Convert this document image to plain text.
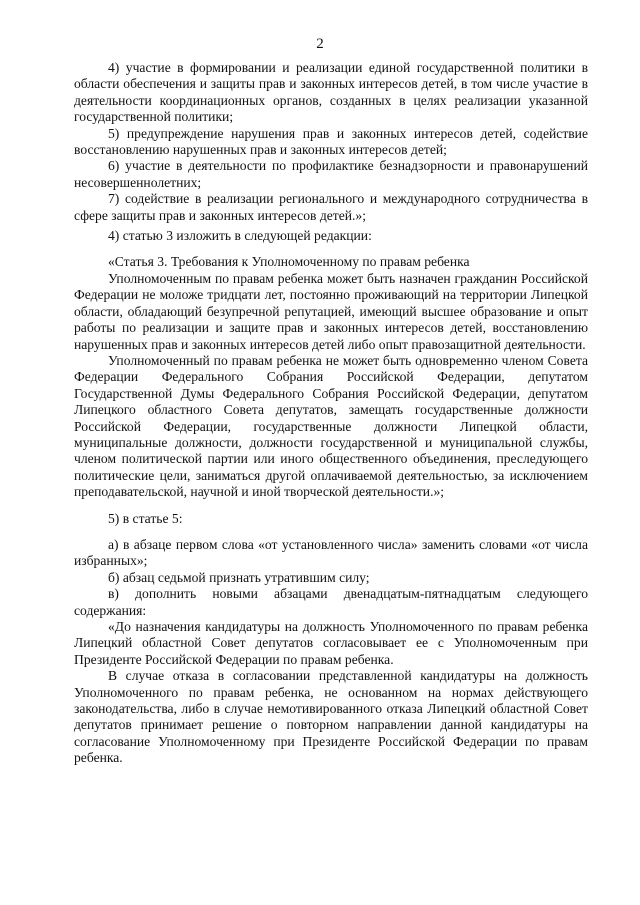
2

4) участие в формировании и реализации единой государственной политики в области обеспечения и защиты прав и законных интересов детей, в том числе участие в деятельности координационных органов, созданных в целях реализации указанной государственной политики;

5) предупреждение нарушения прав и законных интересов детей, содействие восстановлению нарушенных прав и законных интересов детей;

6) участие в деятельности по профилактике безнадзорности и правонарушений несовершеннолетних;

7) содействие в реализации регионального и международного сотрудничества в сфере защиты прав и законных интересов детей.»;

4) статью 3 изложить в следующей редакции:

«Статья 3. Требования к Уполномоченному по правам ребенка

Уполномоченным по правам ребенка может быть назначен гражданин Российской Федерации не моложе тридцати лет, постоянно проживающий на территории Липецкой области, обладающий безупречной репутацией, имеющий высшее образование и опыт работы по реализации и защите прав и законных интересов детей, восстановлению нарушенных прав и законных интересов детей либо опыт правозащитной деятельности.

Уполномоченный по правам ребенка не может быть одновременно членом Совета Федерации Федерального Собрания Российской Федерации, депутатом Государственной Думы Федерального Собрания Российской Федерации, депутатом Липецкого областного Совета депутатов, замещать государственные должности Российской Федерации, государственные должности Липецкой области, муниципальные должности, должности государственной и муниципальной службы, членом политической партии или иного общественного объединения, преследующего политические цели, заниматься другой оплачиваемой деятельностью, за исключением преподавательской, научной и иной творческой деятельности.»;

5) в статье 5:

а) в абзаце первом слова «от установленного числа» заменить словами «от числа избранных»;

б) абзац седьмой признать утратившим силу;

в) дополнить новыми абзацами двенадцатым-пятнадцатым следующего содержания:

«До назначения кандидатуры на должность Уполномоченного по правам ребенка Липецкий областной Совет депутатов согласовывает ее с Уполномоченным при Президенте Российской Федерации по правам ребенка.

В случае отказа в согласовании представленной кандидатуры на должность Уполномоченного по правам ребенка, не основанном на нормах действующего законодательства, либо в случае немотивированного отказа Липецкий областной Совет депутатов принимает решение о повторном направлении данной кандидатуры на согласование Уполномоченному при Президенте Российской Федерации по правам ребенка.
